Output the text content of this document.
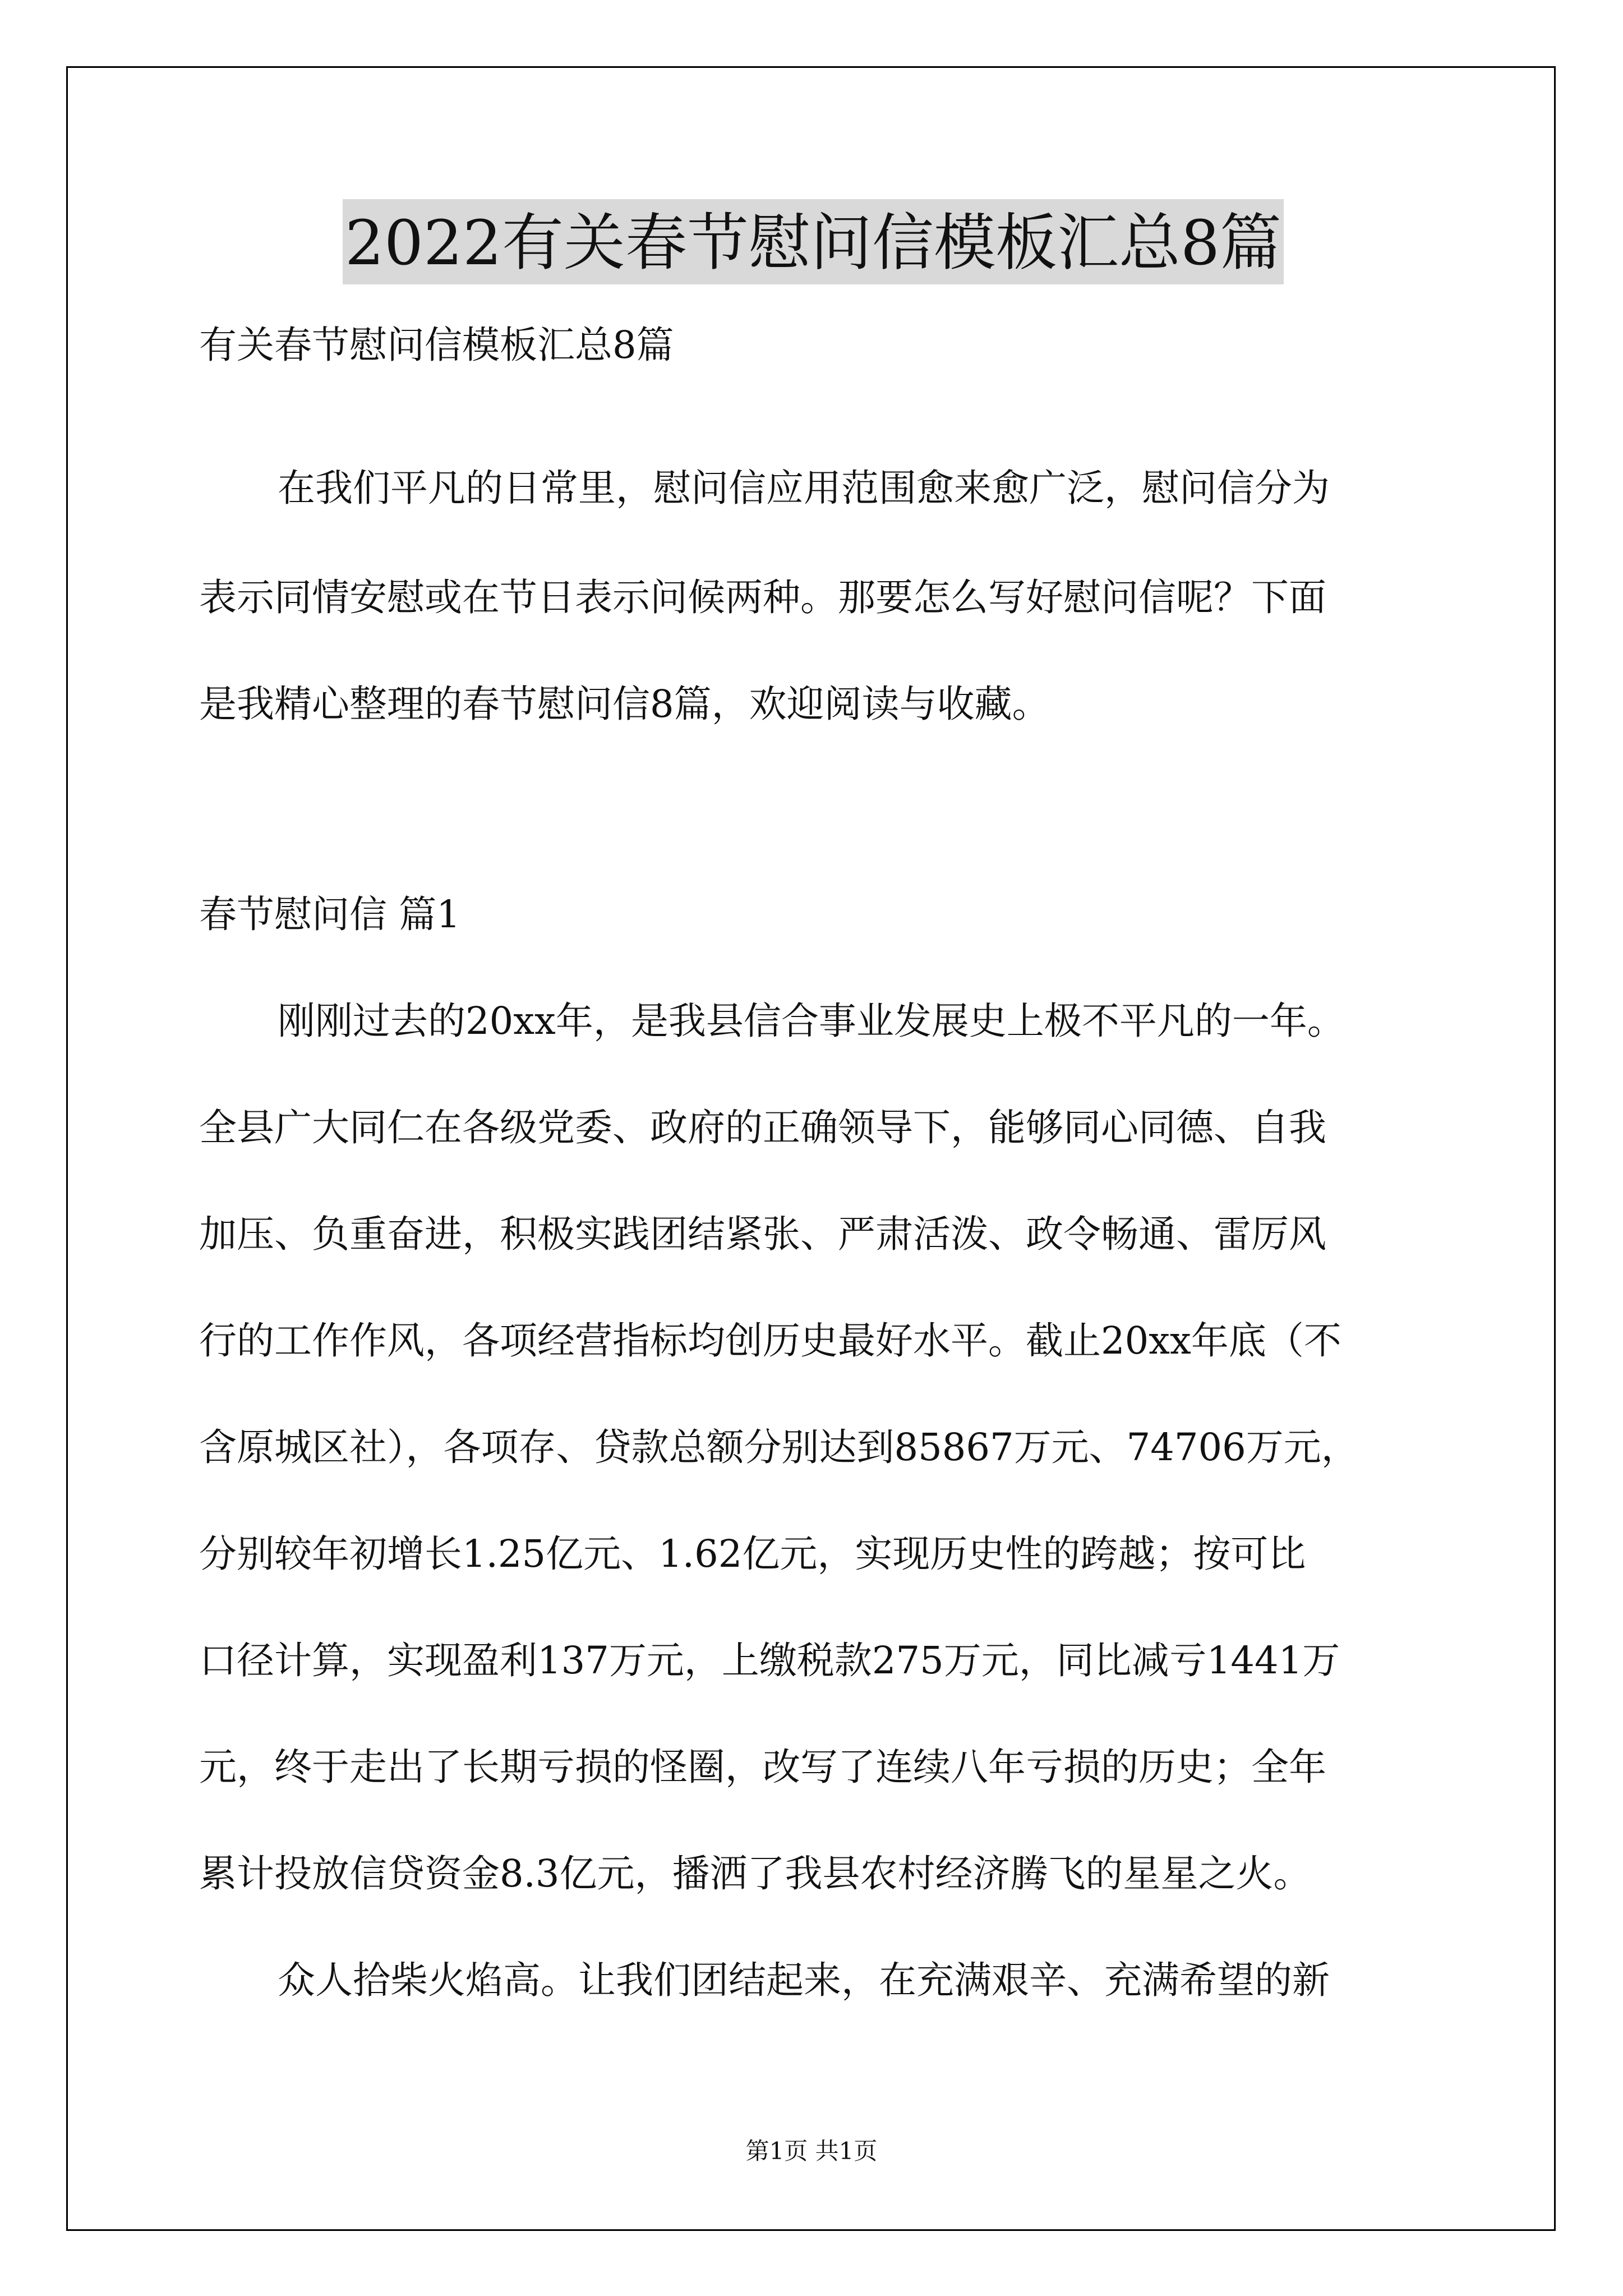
2022有关春节慰问信模板汇总8篇
有关春节慰问信模板汇总8篇
在我们平凡的日常里，慰问信应用范围愈来愈广泛，慰问信分为
表示同情安慰或在节日表示问候两种。那要怎么写好慰问信呢？下面
是我精心整理的春节慰问信8篇，欢迎阅读与收藏。
春节慰问信 篇1
刚刚过去的20xx年，是我县信合事业发展史上极不平凡的一年。
全县广大同仁在各级党委、政府的正确领导下，能够同心同德、自我
加压、负重奋进，积极实践团结紧张、严肃活泼、政令畅通、雷厉风
行的工作作风，各项经营指标均创历史最好水平。截止20xx年底（不
含原城区社），各项存、贷款总额分别达到85867万元、74706万元，
分别较年初增长1.25亿元、1.62亿元，实现历史性的跨越；按可比
口径计算，实现盈利137万元，上缴税款275万元，同比减亏1441万
元，终于走出了长期亏损的怪圈，改写了连续八年亏损的历史；全年
累计投放信贷资金8.3亿元，播洒了我县农村经济腾飞的星星之火。
众人拾柴火焰高。让我们团结起来，在充满艰辛、充满希望的新
第1页 共1页
